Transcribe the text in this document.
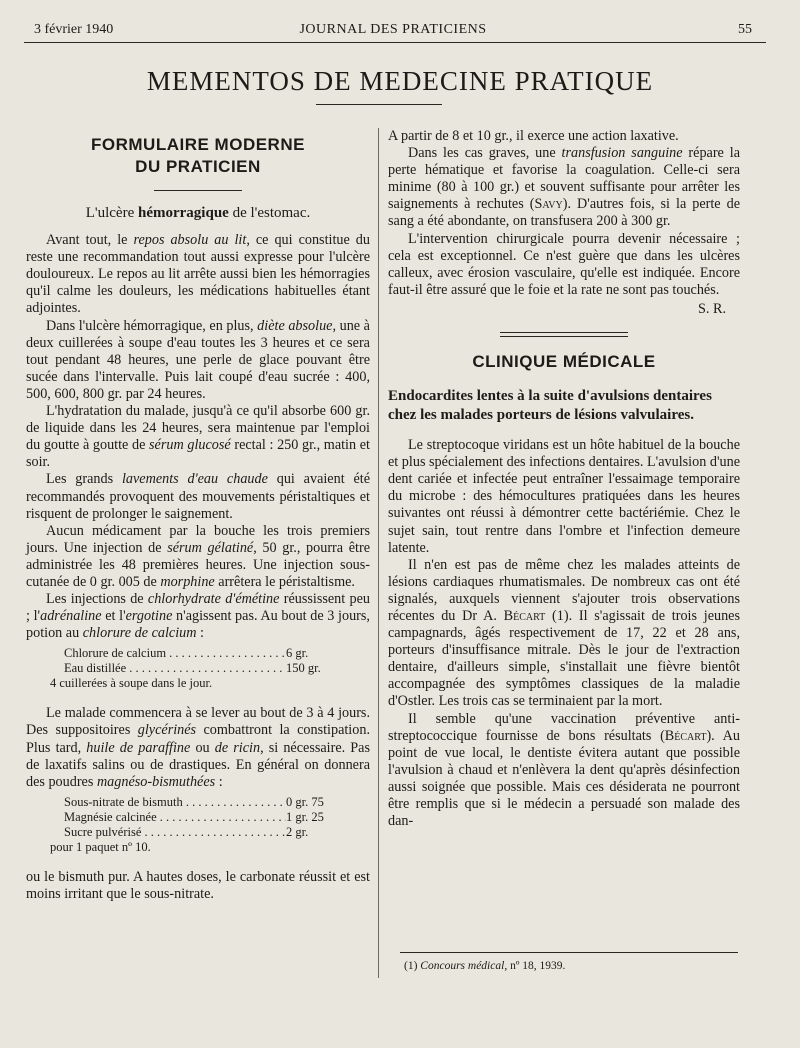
3 février 1940	JOURNAL DES PRATICIENS	55
MEMENTOS DE MEDECINE PRATIQUE
FORMULAIRE MODERNE
DU PRATICIEN
L'ulcère hémorragique de l'estomac.

Avant tout, le repos absolu au lit, ce qui constitue du reste une recommandation tout aussi expresse pour l'ulcère douloureux. Le repos au lit arrête aussi bien les hémorragies qu'il calme les douleurs, les médications habituelles étant adjointes.

Dans l'ulcère hémorragique, en plus, diète absolue, une à deux cuillerées à soupe d'eau toutes les 3 heures et ce sera tout pendant 48 heures, une perle de glace pouvant être sucée dans l'intervalle. Puis lait coupé d'eau sucrée : 400, 500, 600, 800 gr. par 24 heures.

L'hydratation du malade, jusqu'à ce qu'il absorbe 600 gr. de liquide dans les 24 heures, sera maintenue par l'emploi du goutte à goutte de sérum glucosé rectal : 250 gr., matin et soir.

Les grands lavements d'eau chaude qui avaient été recommandés provoquent des mouvements péristaltiques et risquent de prolonger le saignement.

Aucun médicament par la bouche les trois premiers jours. Une injection de sérum gélatiné, 50 gr., pourra être administrée les 48 premières heures. Une injection sous-cutanée de 0 gr. 005 de morphine arrêtera le péristaltisme.

Les injections de chlorhydrate d'émétine réussissent peu ; l'adrénaline et l'ergotine n'agissent pas. Au bout de 3 jours, potion au chlorure de calcium :

Chlorure de calcium . . .	6 gr.
Eau distillée . . .	150 gr.
4 cuillerées à soupe dans le jour.

Le malade commencera à se lever au bout de 3 à 4 jours. Des suppositoires glycérinés combattront la constipation. Plus tard, huile de paraffine ou de ricin, si nécessaire. Pas de laxatifs salins ou de drastiques. En général on donnera des poudres magnéso-bismuthées :

Sous-nitrate de bismuth . . .	0 gr. 75
Magnésie calcinée . . .	1 gr. 25
Sucre pulvérisé . . .	2 gr.
pour 1 paquet nº 10.

ou le bismuth pur. A hautes doses, le carbonate réussit et est moins irritant que le sous-nitrate.

A partir de 8 et 10 gr., il exerce une action laxative.

Dans les cas graves, une transfusion sanguine répare la perte hématique et favorise la coagulation. Celle-ci sera minime (80 à 100 gr.) et souvent suffisante pour arrêter les saignements à rechutes (Savy). D'autres fois, si la perte de sang a été abondante, on transfusera 200 à 300 gr.

L'intervention chirurgicale pourra devenir nécessaire ; cela est exceptionnel. Ce n'est guère que dans les ulcères calleux, avec érosion vasculaire, qu'elle est indiquée. Encore faut-il être assuré que le foie et la rate ne sont pas touchés.

S. R.
CLINIQUE MÉDICALE

Endocardites lentes à la suite d'avulsions dentaires chez les malades porteurs de lésions valvulaires.

Le streptocoque viridans est un hôte habituel de la bouche et plus spécialement des infections dentaires. L'avulsion d'une dent cariée et infectée peut entraîner l'essaimage temporaire du microbe : des hémocultures pratiquées dans les heures suivantes ont réussi à démontrer cette bactériémie. Chez le sujet sain, tout rentre dans l'ombre et l'infection demeure latente.

Il n'en est pas de même chez les malades atteints de lésions cardiaques rhumatismales. De nombreux cas ont été signalés, auxquels viennent s'ajouter trois observations récentes du Dr A. Bécart (1). Il s'agissait de trois jeunes campagnards, âgés respectivement de 17, 22 et 28 ans, porteurs d'insuffisance mitrale. Dès le jour de l'extraction dentaire, d'ailleurs simple, s'installait une fièvre bientôt accompagnée des symptômes classiques de la maladie d'Ostler. Les trois cas se terminaient par la mort.

Il semble qu'une vaccination préventive anti-streptococcique fournisse de bons résultats (Bécart). Au point de vue local, le dentiste évitera autant que possible l'avulsion à chaud et n'enlèvera la dent qu'après désinfection aussi soignée que possible. Mais ces désiderata ne pourront être remplis que si le médecin a persuadé son malade des dan-

(1) Concours médical, nº 18, 1939.
